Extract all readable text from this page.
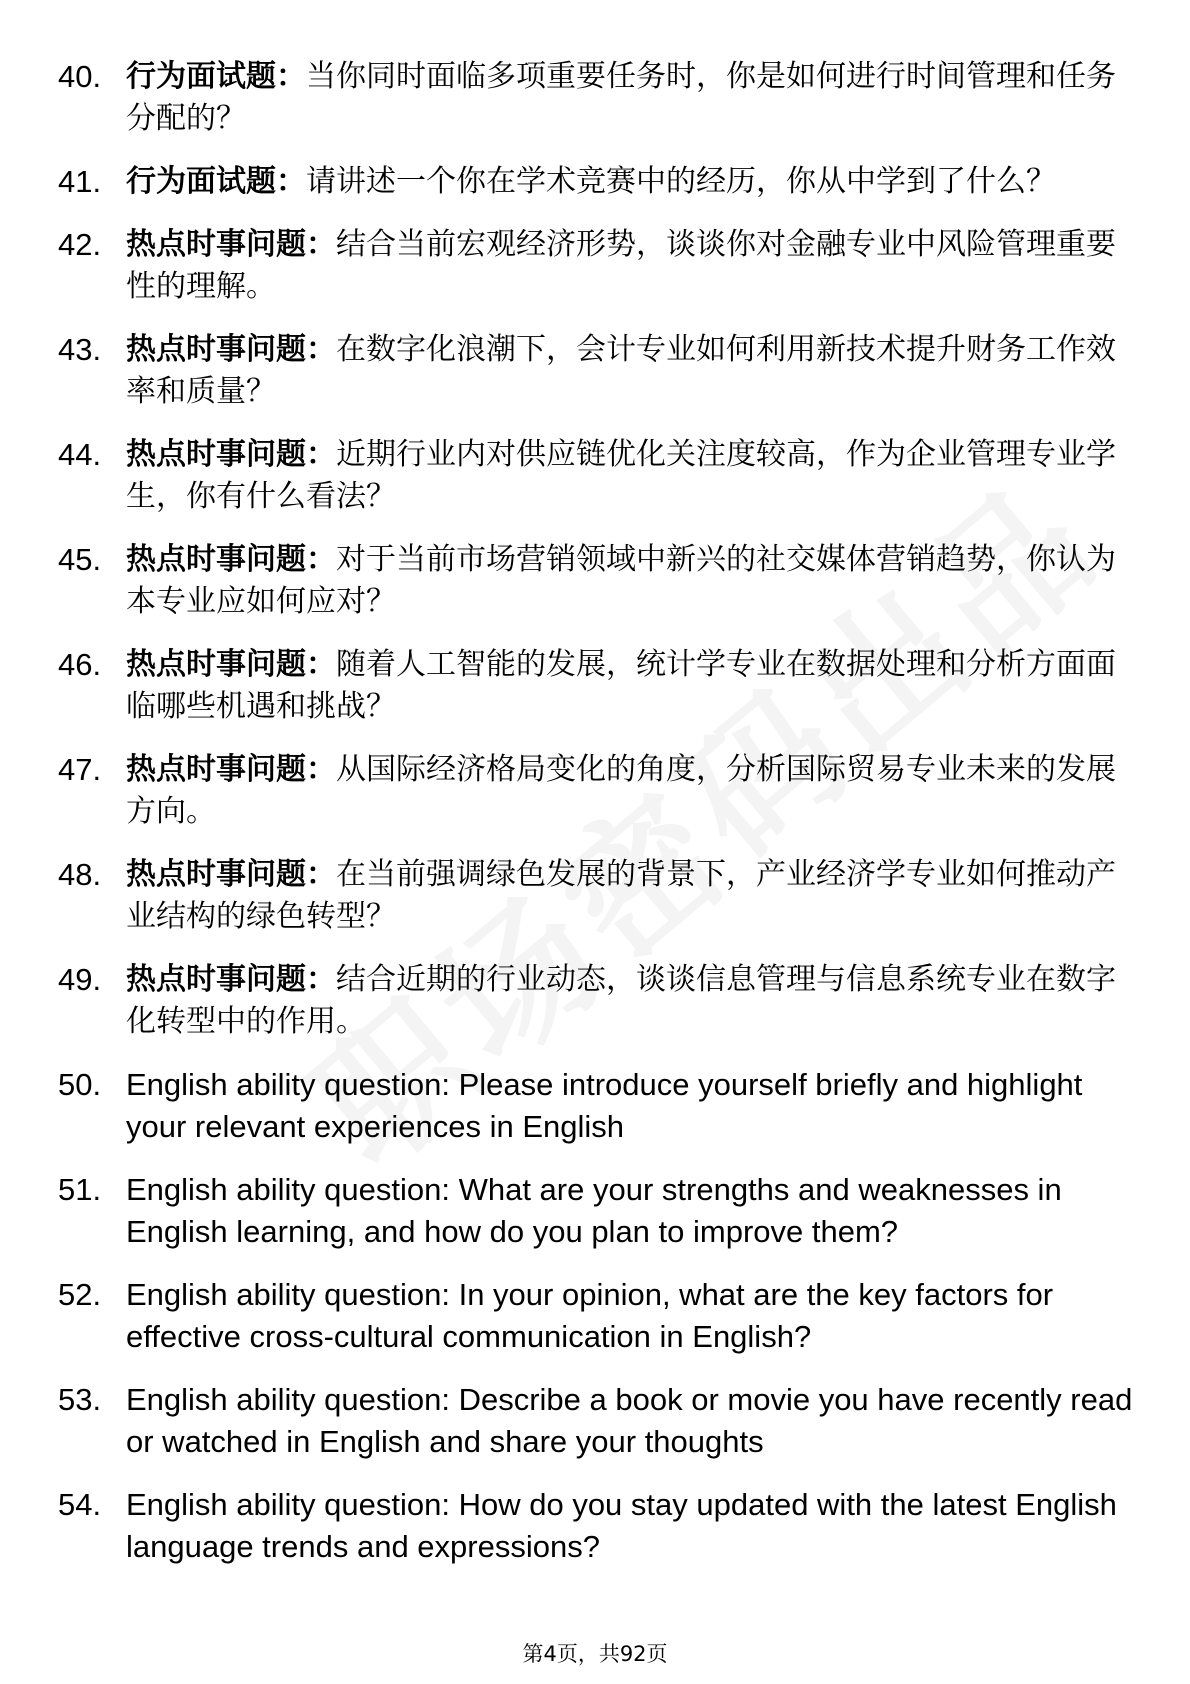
40. 行为面试题：当你同时面临多项重要任务时，你是如何进行时间管理和任务分配的？
41. 行为面试题：请讲述一个你在学术竞赛中的经历，你从中学到了什么？
42. 热点时事问题：结合当前宏观经济形势，谈谈你对金融专业中风险管理重要性的理解。
43. 热点时事问题：在数字化浪潮下，会计专业如何利用新技术提升财务工作效率和质量？
44. 热点时事问题：近期行业内对供应链优化关注度较高，作为企业管理专业学生，你有什么看法？
45. 热点时事问题：对于当前市场营销领域中新兴的社交媒体营销趋势，你认为本专业应如何应对？
46. 热点时事问题：随着人工智能的发展，统计学专业在数据处理和分析方面面临哪些机遇和挑战？
47. 热点时事问题：从国际经济格局变化的角度，分析国际贸易专业未来的发展方向。
48. 热点时事问题：在当前强调绿色发展的背景下，产业经济学专业如何推动产业结构的绿色转型？
49. 热点时事问题：结合近期的行业动态，谈谈信息管理与信息系统专业在数字化转型中的作用。
50. English ability question: Please introduce yourself briefly and highlight your relevant experiences in English
51. English ability question: What are your strengths and weaknesses in English learning, and how do you plan to improve them?
52. English ability question: In your opinion, what are the key factors for effective cross-cultural communication in English?
53. English ability question: Describe a book or movie you have recently read or watched in English and share your thoughts
54. English ability question: How do you stay updated with the latest English language trends and expressions?
第4页，共92页
